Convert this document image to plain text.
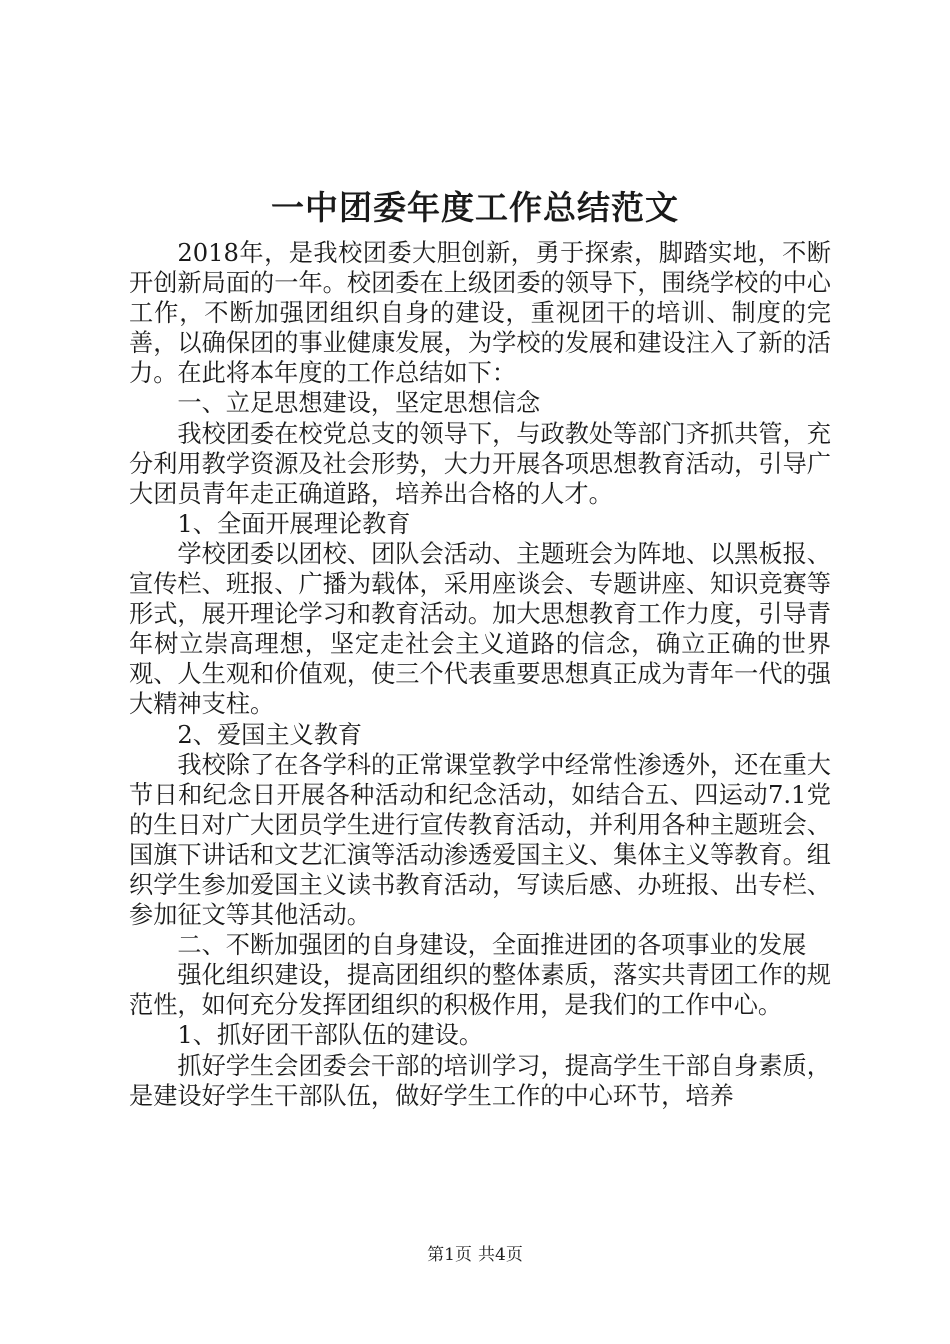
一中团委年度工作总结范文

2018年，是我校团委大胆创新，勇于探索，脚踏实地，不断开创新局面的一年。校团委在上级团委的领导下，围绕学校的中心工作，不断加强团组织自身的建设，重视团干的培训、制度的完善，以确保团的事业健康发展，为学校的发展和建设注入了新的活力。在此将本年度的工作总结如下：

一、立足思想建设，坚定思想信念

我校团委在校党总支的领导下，与政教处等部门齐抓共管，充分利用教学资源及社会形势，大力开展各项思想教育活动，引导广大团员青年走正确道路，培养出合格的人才。

1、全面开展理论教育

学校团委以团校、团队会活动、主题班会为阵地、以黑板报、宣传栏、班报、广播为载体，采用座谈会、专题讲座、知识竞赛等形式，展开理论学习和教育活动。加大思想教育工作力度，引导青年树立崇高理想，坚定走社会主义道路的信念，确立正确的世界观、人生观和价值观，使三个代表重要思想真正成为青年一代的强大精神支柱。

2、爱国主义教育

我校除了在各学科的正常课堂教学中经常性渗透外，还在重大节日和纪念日开展各种活动和纪念活动，如结合五、四运动7.1党的生日对广大团员学生进行宣传教育活动，并利用各种主题班会、国旗下讲话和文艺汇演等活动渗透爱国主义、集体主义等教育。组织学生参加爱国主义读书教育活动，写读后感、办班报、出专栏、参加征文等其他活动。

二、不断加强团的自身建设，全面推进团的各项事业的发展

强化组织建设，提高团组织的整体素质，落实共青团工作的规范性，如何充分发挥团组织的积极作用，是我们的工作中心。

1、抓好团干部队伍的建设。

抓好学生会团委会干部的培训学习，提高学生干部自身素质，是建设好学生干部队伍，做好学生工作的中心环节，培养

第1页 共4页
